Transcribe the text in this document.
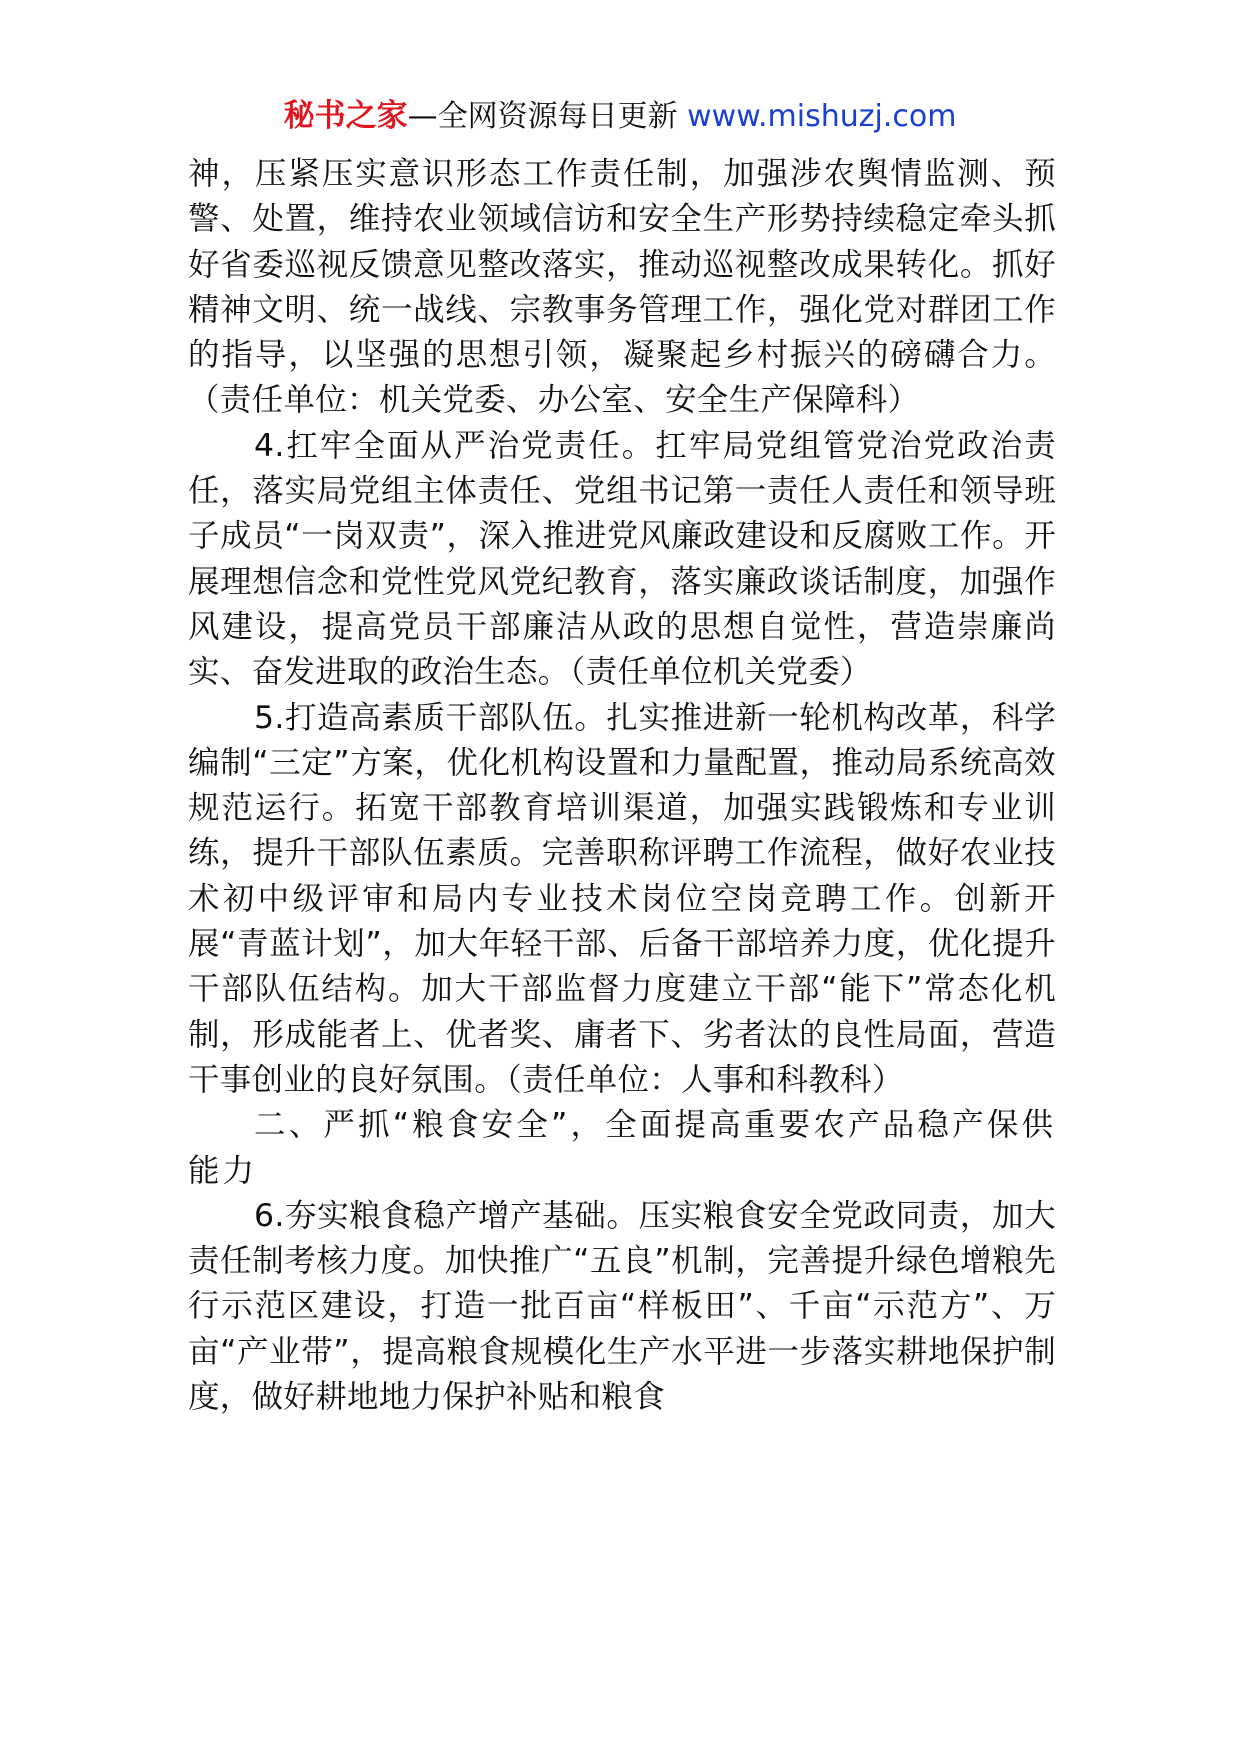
秘书之家—全网资源每日更新 www.mishuzj.com

神，压紧压实意识形态工作责任制，加强涉农舆情监测、预警、处置，维持农业领域信访和安全生产形势持续稳定牵头抓好省委巡视反馈意见整改落实，推动巡视整改成果转化。抓好精神文明、统一战线、宗教事务管理工作，强化党对群团工作的指导，以坚强的思想引领，凝聚起乡村振兴的磅礴合力。（责任单位：机关党委、办公室、安全生产保障科）

4.扛牢全面从严治党责任。扛牢局党组管党治党政治责任，落实局党组主体责任、党组书记第一责任人责任和领导班子成员“一岗双责”，深入推进党风廉政建设和反腐败工作。开展理想信念和党性党风党纪教育，落实廉政谈话制度，加强作风建设，提高党员干部廉洁从政的思想自觉性，营造崇廉尚实、奋发进取的政治生态。（责任单位机关党委）

5.打造高素质干部队伍。扎实推进新一轮机构改革，科学编制“三定”方案，优化机构设置和力量配置，推动局系统高效规范运行。拓宽干部教育培训渠道，加强实践锻炼和专业训练，提升干部队伍素质。完善职称评聘工作流程，做好农业技术初中级评审和局内专业技术岗位空岗竞聘工作。创新开展“青蓝计划”，加大年轻干部、后备干部培养力度，优化提升干部队伍结构。加大干部监督力度建立干部“能下”常态化机制，形成能者上、优者奖、庸者下、劣者汰的良性局面，营造干事创业的良好氛围。（责任单位：人事和科教科）

二、严抓“粮食安全”，全面提高重要农产品稳产保供能力

6.夯实粮食稳产增产基础。压实粮食安全党政同责，加大责任制考核力度。加快推广“五良”机制，完善提升绿色增粮先行示范区建设，打造一批百亩“样板田”、千亩“示范方”、万亩“产业带”，提高粮食规模化生产水平进一步落实耕地保护制度，做好耕地地力保护补贴和粮食
